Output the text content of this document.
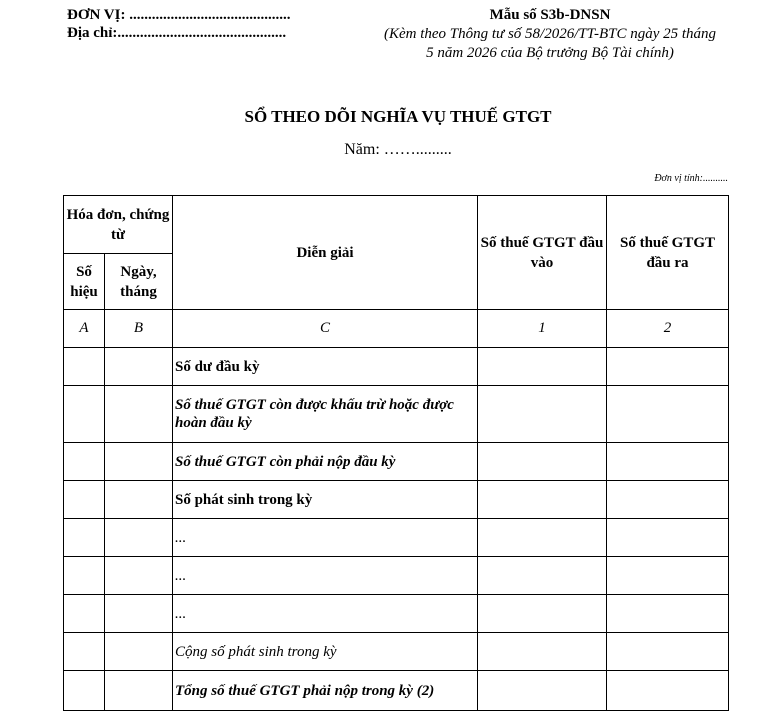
ĐƠN VỊ: ...........................................
Địa chỉ:.............................................
Mẫu số S3b-DNSN
(Kèm theo Thông tư số 58/2026/TT-BTC ngày 25 tháng
5 năm 2026 của Bộ trưởng Bộ Tài chính)
SỔ THEO DÕI NGHĨA VỤ THUẾ GTGT
Năm: …….........
Đơn vị tính:..........
Hóa đơn, chứng từ		Diễn giải	Số thuế GTGT đầu vào	Số thuế GTGT đầu ra
Số hiệu	Ngày, tháng			
A	B	C	1	2
		Số dư đầu kỳ		
		Số thuế GTGT còn được khấu trừ hoặc được hoàn đầu kỳ		
		Số thuế GTGT còn phải nộp đầu kỳ		
		Số phát sinh trong kỳ		
		...		
		...		
		...		
		Cộng số phát sinh trong kỳ		
		Tổng số thuế GTGT phải nộp trong kỳ (2)		
